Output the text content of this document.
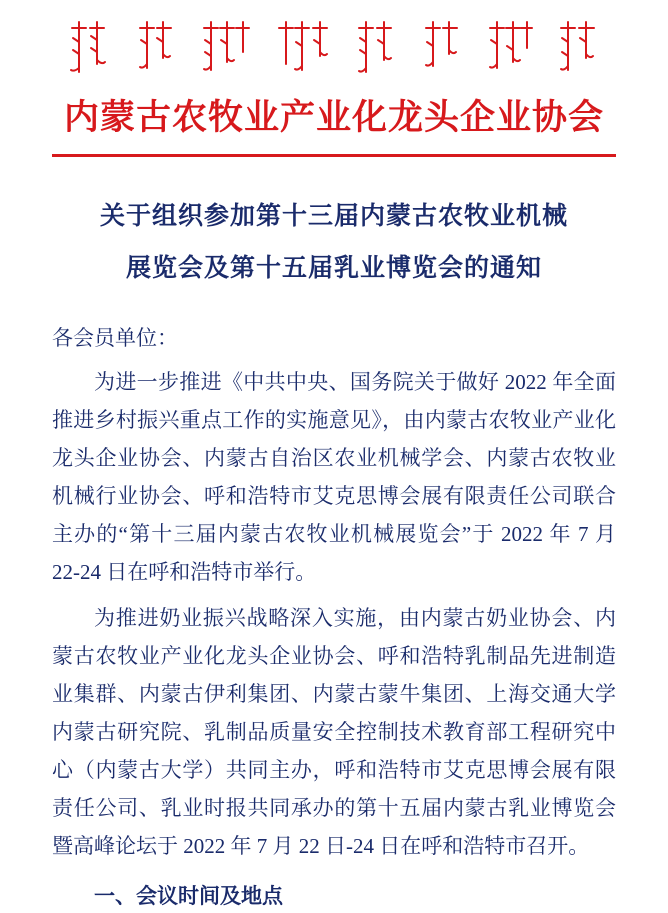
内蒙古农牧业产业化龙头企业协会
关于组织参加第十三届内蒙古农牧业机械
展览会及第十五届乳业博览会的通知
各会员单位：

为进一步推进《中共中央、国务院关于做好 2022 年全面推进乡村振兴重点工作的实施意见》，由内蒙古农牧业产业化龙头企业协会、内蒙古自治区农业机械学会、内蒙古农牧业机械行业协会、呼和浩特市艾克思博会展有限责任公司联合主办的“第十三届内蒙古农牧业机械展览会”于 2022 年 7 月 22-24 日在呼和浩特市举行。

为推进奶业振兴战略深入实施，由内蒙古奶业协会、内蒙古农牧业产业化龙头企业协会、呼和浩特乳制品先进制造业集群、内蒙古伊利集团、内蒙古蒙牛集团、上海交通大学内蒙古研究院、乳制品质量安全控制技术教育部工程研究中心（内蒙古大学）共同主办，呼和浩特市艾克思博会展有限责任公司、乳业时报共同承办的第十五届内蒙古乳业博览会暨高峰论坛于 2022 年 7 月 22 日-24 日在呼和浩特市召开。

一、会议时间及地点
